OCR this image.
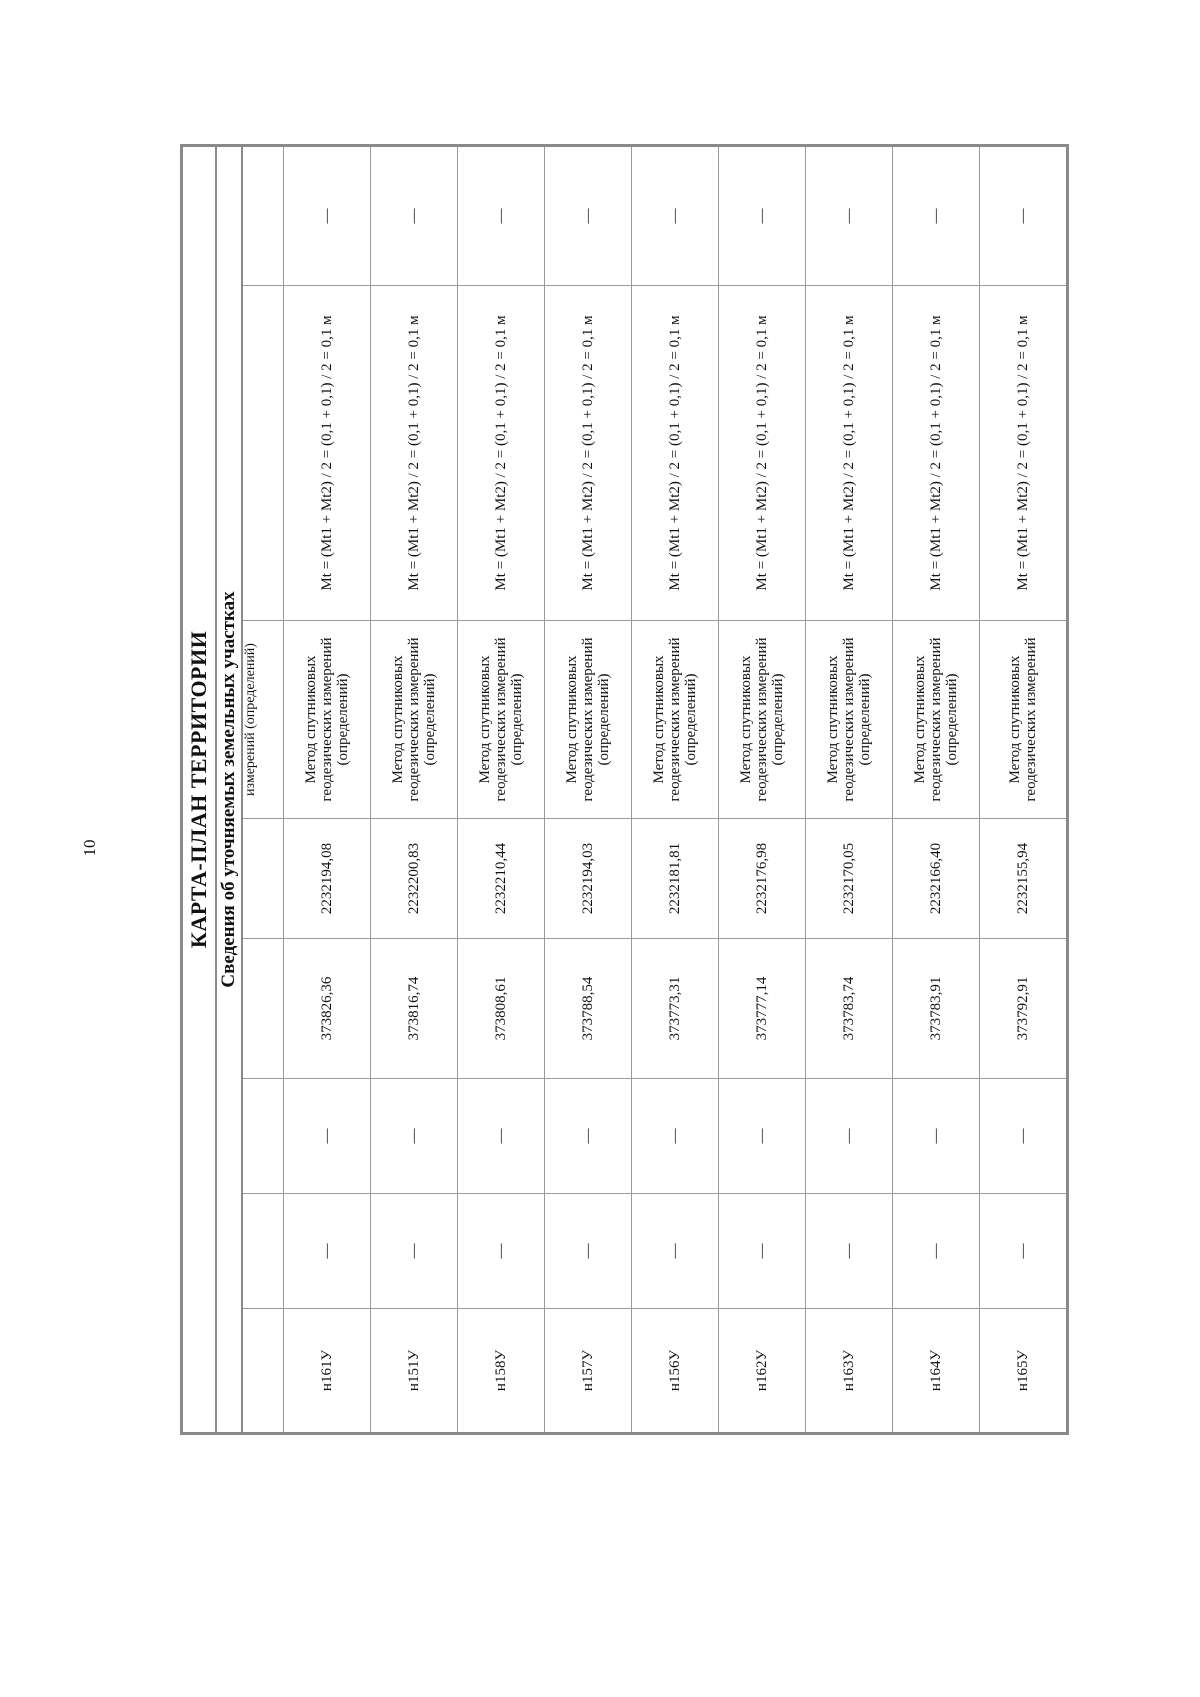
10	КАРТА-ПЛАН ТЕРРИТОРИИ							
Сведения об уточняемых земельных участках							
					измерений (определений)		
н161У	—	—	373826,36	2232194,08	Метод спутниковых геодезических измерений (определений)	Mt = (Mt1 + Mt2) / 2 = (0,1 + 0,1) / 2 = 0,1 м	—
н151У	—	—	373816,74	2232200,83	Метод спутниковых геодезических измерений (определений)	Mt = (Mt1 + Mt2) / 2 = (0,1 + 0,1) / 2 = 0,1 м	—
н158У	—	—	373808,61	2232210,44	Метод спутниковых геодезических измерений (определений)	Mt = (Mt1 + Mt2) / 2 = (0,1 + 0,1) / 2 = 0,1 м	—
н157У	—	—	373788,54	2232194,03	Метод спутниковых геодезических измерений (определений)	Mt = (Mt1 + Mt2) / 2 = (0,1 + 0,1) / 2 = 0,1 м	—
н156У	—	—	373773,31	2232181,81	Метод спутниковых геодезических измерений (определений)	Mt = (Mt1 + Mt2) / 2 = (0,1 + 0,1) / 2 = 0,1 м	—
н162У	—	—	373777,14	2232176,98	Метод спутниковых геодезических измерений (определений)	Mt = (Mt1 + Mt2) / 2 = (0,1 + 0,1) / 2 = 0,1 м	—
н163У	—	—	373783,74	2232170,05	Метод спутниковых геодезических измерений (определений)	Mt = (Mt1 + Mt2) / 2 = (0,1 + 0,1) / 2 = 0,1 м	—
н164У	—	—	373783,91	2232166,40	Метод спутниковых геодезических измерений (определений)	Mt = (Mt1 + Mt2) / 2 = (0,1 + 0,1) / 2 = 0,1 м	—
н165У	—	—	373792,91	2232155,94	Метод спутниковых геодезических измерений	Mt = (Mt1 + Mt2) / 2 = (0,1 + 0,1) / 2 = 0,1 м	—
